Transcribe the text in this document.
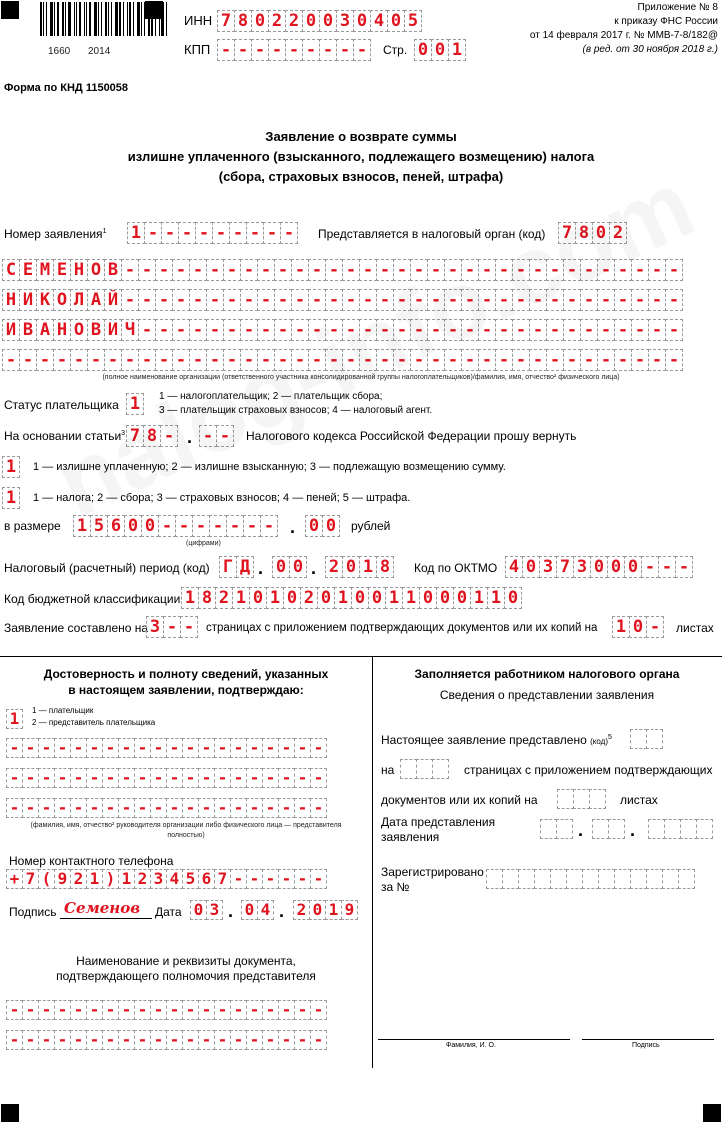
1660 2014
ИНН 7 8 0 2 2 0 0 3 0 4 0 5
КПП - - - - - - - - -	Стр. 0 0 1
Приложение № 8
к приказу ФНС России
от 14 февраля 2017 г. № ММВ-7-8/182@
(в ред. от 30 ноября 2018 г.)
Форма по КНД 1150058
Заявление о возврате суммы
излишне уплаченного (взысканного, подлежащего возмещению) налога
(сбора, страховых взносов, пеней, штрафа)
Номер заявления$^1$ 1 - - - - - - - - -	Представляется в налоговый орган (код) 7 8 0 2
С Е М Е Н О В - - - - - - - - - - - - - - - - - - - - - - - - - - - - - - - - -
Н И К О Л А Й - - - - - - - - - - - - - - - - - - - - - - - - - - - - - - - - -
И В А Н О В И Ч - - - - - - - - - - - - - - - - - - - - - - - - - - - - - - - -
- - - - - - - - - - - - - - - - - - - - - - - - - - - - - - - - - - - - - - - -
(полное наименование организации (ответственного участника консолидированной группы налогоплательщиков)/фамилия, имя, отчество² физического лица)
Статус плательщика 1	1 — налогоплательщик; 2 — плательщик сбора;
3 — плательщик страховых взносов; 4 — налоговый агент.
На основании статьи$^3$ 7 8 - . - -	Налогового кодекса Российской Федерации прошу вернуть
1	1 — излишне уплаченную; 2 — излишне взысканную; 3 — подлежащую возмещению сумму.
1	1 — налога; 2 — сбора; 3 — страховых взносов; 4 — пеней; 5 — штрафа.
в размере 1 5 6 0 0 - - - - - - - . 0 0	рублей
(цифрами)
Налоговый (расчетный) период (код) Г Д . 0 0 . 2 0 1 8	Код по ОКТМО 4 0 3 7 3 0 0 0 - - -
Код бюджетной классификации 1 8 2 1 0 1 0 2 0 1 0 0 1 1 0 0 0 1 1 0
Заявление составлено на 3 - -	страницах с приложением подтверждающих документов или их копий на 1 0 -	листах
Достоверность и полноту сведений, указанных
в настоящем заявлении, подтверждаю:
1	1 — плательщик
2 — представитель плательщика
- - - - - - - - - - - - - - - - - - - -
- - - - - - - - - - - - - - - - - - - -
- - - - - - - - - - - - - - - - - - - -
(фамилия, имя, отчество² руководителя организации либо физического лица — представителя
полностью)
Номер контактного телефона
+ 7 ( 9 2 1 ) 1 2 3 4 5 6 7 - - - - - -
Подпись Семенов Дата 0 3 . 0 4 . 2 0 1 9
Наименование и реквизиты документа,
подтверждающего полномочия представителя
- - - - - - - - - - - - - - - - - - - -
- - - - - - - - - - - - - - - - - - - -
Заполняется работником налогового органа
Сведения о представлении заявления
Настоящее заявление представлено (код)$^5$
на	страницах с приложением подтверждающих
документов или их копий на	листах
Дата представления
заявления	.	.
Зарегистрировано
за №
Фамилия, И. О.	Подпись
